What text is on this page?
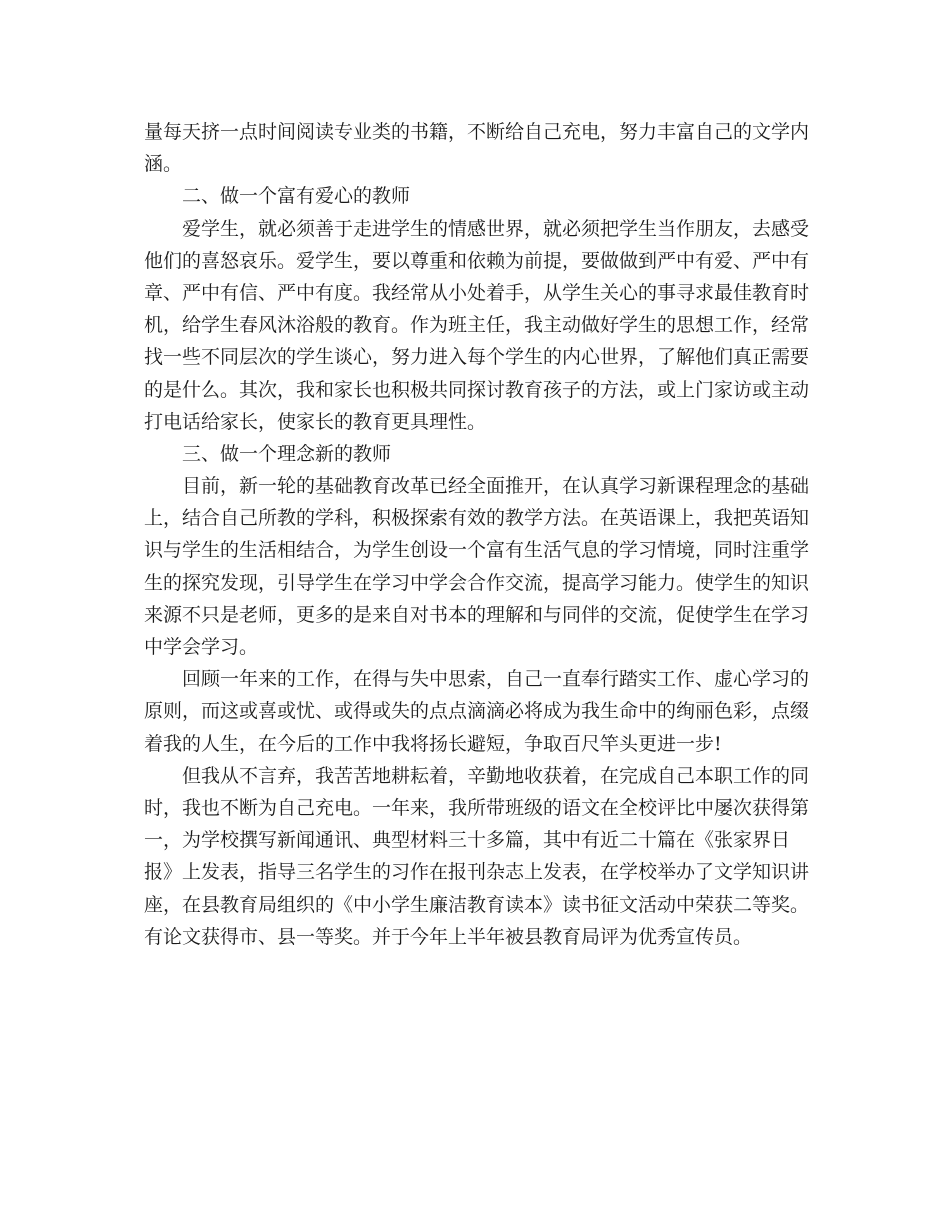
量每天挤一点时间阅读专业类的书籍，不断给自己充电，努力丰富自己的文学内
涵。
二、做一个富有爱心的教师
爱学生，就必须善于走进学生的情感世界，就必须把学生当作朋友，去感受
他们的喜怒哀乐。爱学生，要以尊重和依赖为前提，要做做到严中有爱、严中有
章、严中有信、严中有度。我经常从小处着手，从学生关心的事寻求最佳教育时
机，给学生春风沐浴般的教育。作为班主任，我主动做好学生的思想工作，经常
找一些不同层次的学生谈心，努力进入每个学生的内心世界，了解他们真正需要
的是什么。其次，我和家长也积极共同探讨教育孩子的方法，或上门家访或主动
打电话给家长，使家长的教育更具理性。
三、做一个理念新的教师
目前，新一轮的基础教育改革已经全面推开，在认真学习新课程理念的基础
上，结合自己所教的学科，积极探索有效的教学方法。在英语课上，我把英语知
识与学生的生活相结合，为学生创设一个富有生活气息的学习情境，同时注重学
生的探究发现，引导学生在学习中学会合作交流，提高学习能力。使学生的知识
来源不只是老师，更多的是来自对书本的理解和与同伴的交流，促使学生在学习
中学会学习。
回顾一年来的工作，在得与失中思索，自己一直奉行踏实工作、虚心学习的
原则，而这或喜或忧、或得或失的点点滴滴必将成为我生命中的绚丽色彩，点缀
着我的人生，在今后的工作中我将扬长避短，争取百尺竿头更进一步!
但我从不言弃，我苦苦地耕耘着，辛勤地收获着，在完成自己本职工作的同
时，我也不断为自己充电。一年来，我所带班级的语文在全校评比中屡次获得第
一，为学校撰写新闻通讯、典型材料三十多篇，其中有近二十篇在《张家界日
报》上发表，指导三名学生的习作在报刊杂志上发表，在学校举办了文学知识讲
座，在县教育局组织的《中小学生廉洁教育读本》读书征文活动中荣获二等奖。
有论文获得市、县一等奖。并于今年上半年被县教育局评为优秀宣传员。
